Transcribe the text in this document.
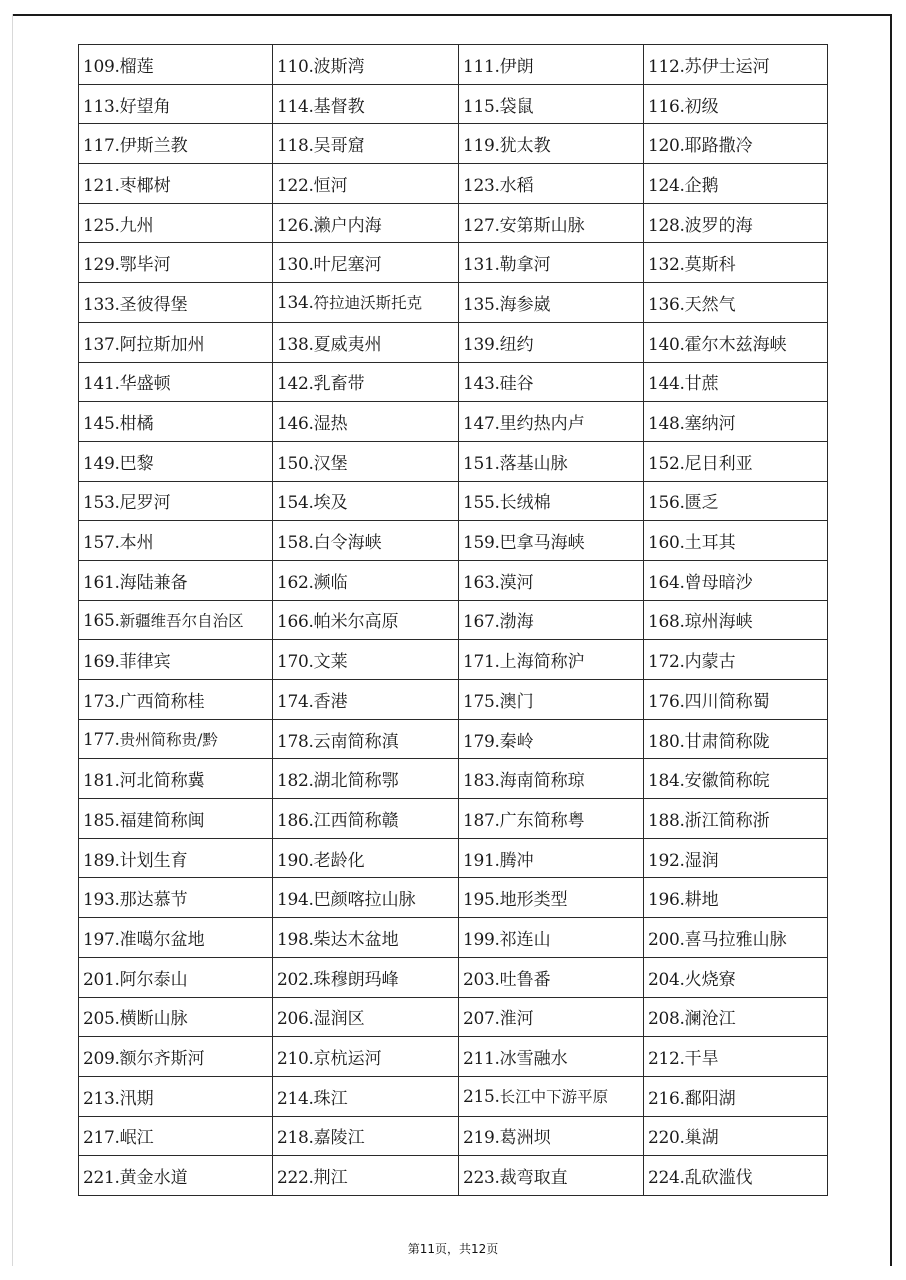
109.榴莲	110.波斯湾	111.伊朗	112.苏伊士运河
113.好望角	114.基督教	115.袋鼠	116.初级
117.伊斯兰教	118.吴哥窟	119.犹太教	120.耶路撒冷
121.枣椰树	122.恒河	123.水稻	124.企鹅
125.九州	126.濑户内海	127.安第斯山脉	128.波罗的海
129.鄂毕河	130.叶尼塞河	131.勒拿河	132.莫斯科
133.圣彼得堡	134.符拉迪沃斯托克	135.海参崴	136.天然气
137.阿拉斯加州	138.夏威夷州	139.纽约	140.霍尔木兹海峡
141.华盛顿	142.乳畜带	143.硅谷	144.甘蔗
145.柑橘	146.湿热	147.里约热内卢	148.塞纳河
149.巴黎	150.汉堡	151.落基山脉	152.尼日利亚
153.尼罗河	154.埃及	155.长绒棉	156.匮乏
157.本州	158.白令海峡	159.巴拿马海峡	160.土耳其
161.海陆兼备	162.濒临	163.漠河	164.曾母暗沙
165.新疆维吾尔自治区	166.帕米尔高原	167.渤海	168.琼州海峡
169.菲律宾	170.文莱	171.上海简称沪	172.内蒙古
173.广西简称桂	174.香港	175.澳门	176.四川简称蜀
177.贵州简称贵/黔	178.云南简称滇	179.秦岭	180.甘肃简称陇
181.河北简称冀	182.湖北简称鄂	183.海南简称琼	184.安徽简称皖
185.福建简称闽	186.江西简称赣	187.广东简称粤	188.浙江简称浙
189.计划生育	190.老龄化	191.腾冲	192.湿润
193.那达慕节	194.巴颜喀拉山脉	195.地形类型	196.耕地
197.准噶尔盆地	198.柴达木盆地	199.祁连山	200.喜马拉雅山脉
201.阿尔泰山	202.珠穆朗玛峰	203.吐鲁番	204.火烧寮
205.横断山脉	206.湿润区	207.淮河	208.澜沧江
209.额尔齐斯河	210.京杭运河	211.冰雪融水	212.干旱
213.汛期	214.珠江	215.长江中下游平原	216.鄱阳湖
217.岷江	218.嘉陵江	219.葛洲坝	220.巢湖
221.黄金水道	222.荆江	223.裁弯取直	224.乱砍滥伐
第11页，共12页
